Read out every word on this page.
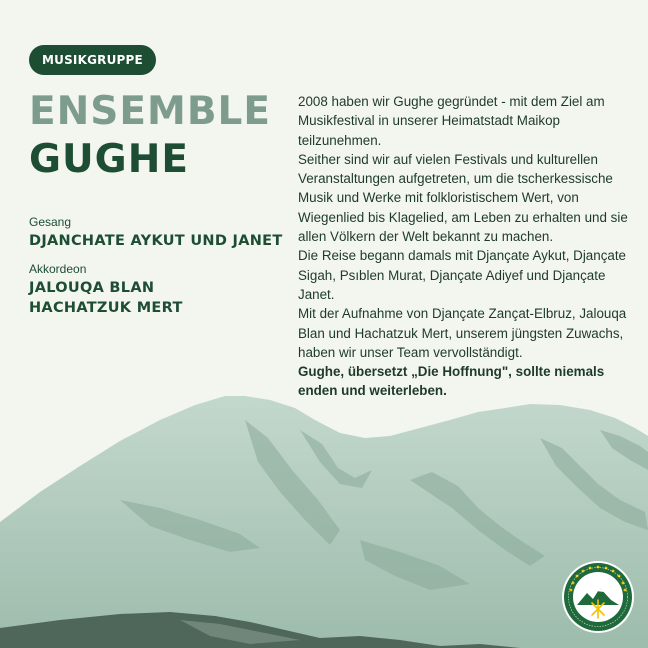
MUSIKGRUPPE
ENSEMBLE
GUGHE
Gesang
DJANCHATE AYKUT UND JANET
Akkordeon
JALOUQA BLAN
HACHATZUK MERT

2008 haben wir Gughe gegründet - mit dem Ziel am Musikfestival in unserer Heimatstadt Maikop teilzunehmen.

Seither sind wir auf vielen Festivals und kulturellen Veranstaltungen aufgetreten, um die tscherkessische Musik und Werke mit folkloristischem Wert, von Wiegenlied bis Klagelied, am Leben zu erhalten und sie allen Völkern der Welt bekannt zu machen.

Die Reise begann damals mit Djançate Aykut, Djançate Sigah, Psıblen Murat, Djançate Adiyef und Djançate Janet.

Mit der Aufnahme von Djançate Zançat-Elbruz, Jalouqa Blan und Hachatzuk Mert, unserem jüngsten Zuwachs, haben wir unser Team vervollständigt.

Gughe, übersetzt „Die Hoffnung", sollte niemals enden und weiterleben.
